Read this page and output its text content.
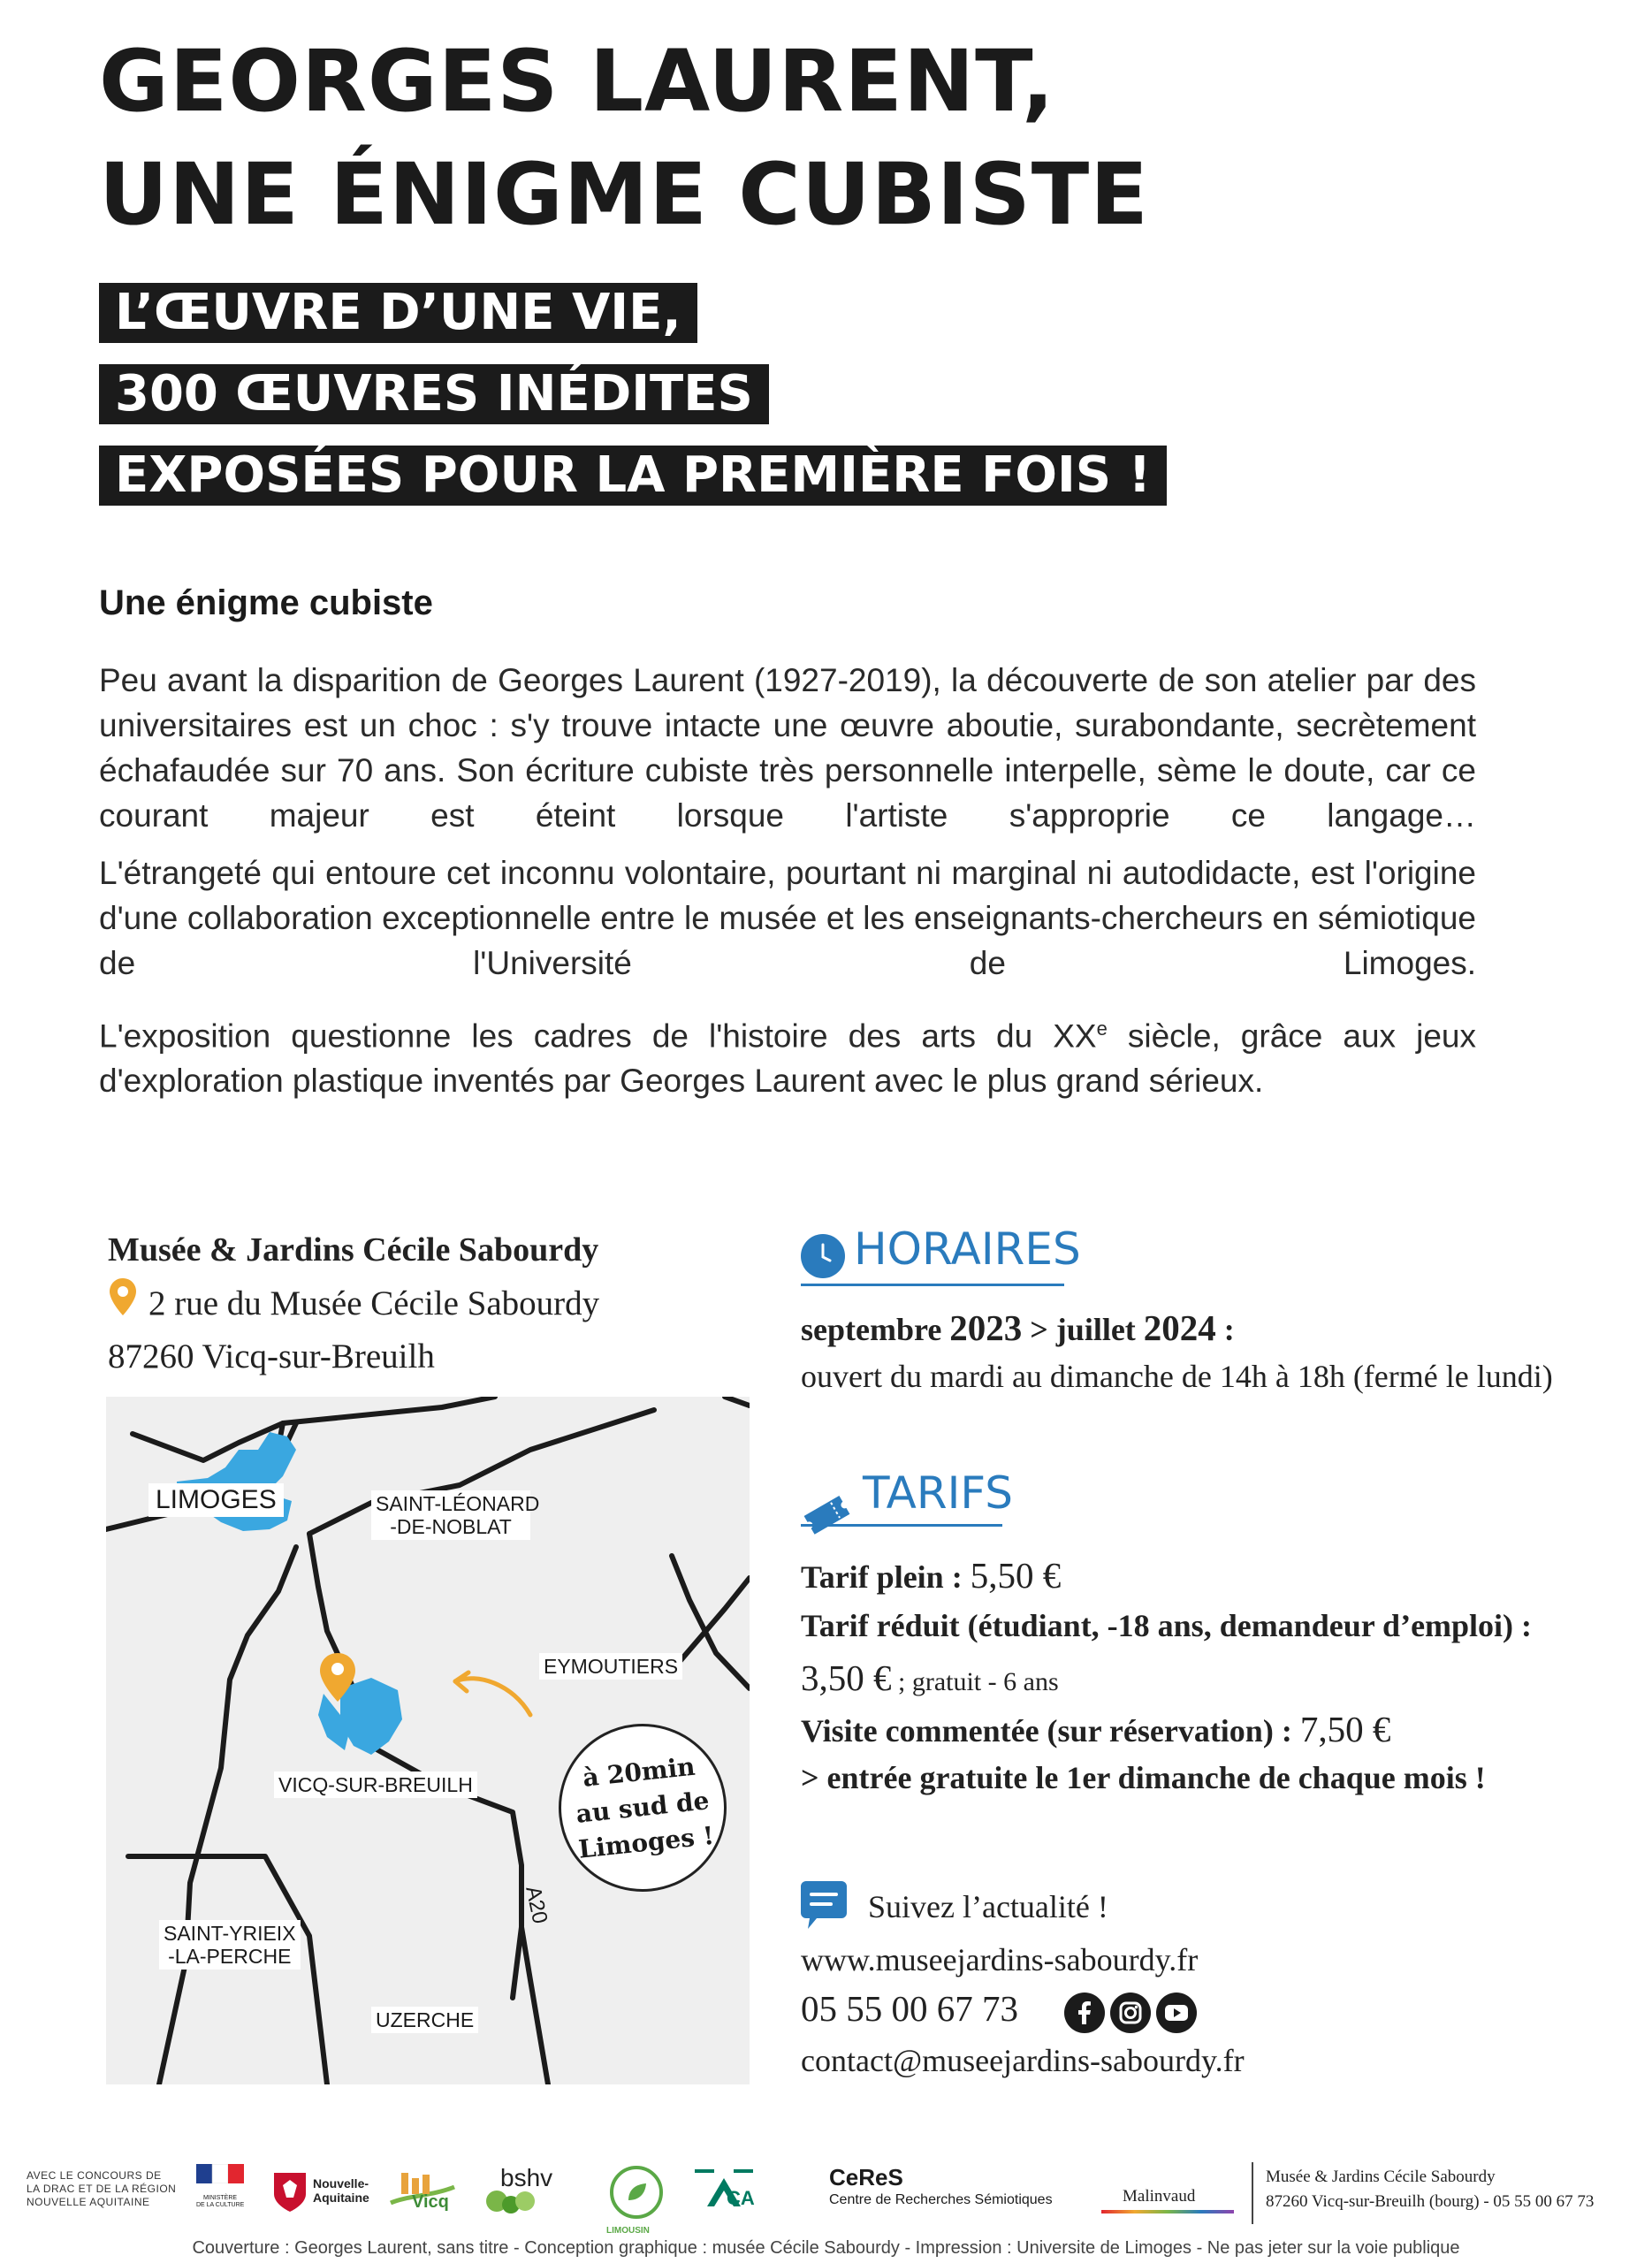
GEORGES LAURENT,
UNE ÉNIGME CUBISTE
L’ŒUVRE D’UNE VIE,
300 ŒUVRES INÉDITES
EXPOSÉES POUR LA PREMIÈRE FOIS !
Une énigme cubiste

Peu avant la disparition de Georges Laurent (1927-2019), la découverte de son atelier par des universitaires est un choc : s'y trouve intacte une œuvre aboutie, surabondante, secrètement échafaudée sur 70 ans. Son écriture cubiste très personnelle interpelle, sème le doute, car ce courant majeur est éteint lorsque l'artiste s'approprie ce langage…

L'étrangeté qui entoure cet inconnu volontaire, pourtant ni marginal ni autodidacte, est l'origine d'une collaboration exceptionnelle entre le musée et les enseignants-chercheurs en sémiotique de l'Université de Limoges.

L'exposition questionne les cadres de l'histoire des arts du XXe siècle, grâce aux jeux d'exploration plastique inventés par Georges Laurent avec le plus grand sérieux.

Musée & Jardins Cécile Sabourdy
2 rue du Musée Cécile Sabourdy
87260 Vicq-sur-Breuilh
LIMOGES	SAINT-LÉONARD
-DE-NOBLAT
EYMOUTIERS
VICQ-SUR-BREUILH
SAINT-YRIEIX
-LA-PERCHE
UZERCHE
A20
à 20min
au sud de
Limoges !
HORAIRES
septembre 2023 > juillet 2024 :
ouvert du mardi au dimanche de 14h à 18h (fermé le lundi)
TARIFS
Tarif plein : 5,50 €
Tarif réduit (étudiant, -18 ans, demandeur d’emploi) :
3,50 € ; gratuit - 6 ans
Visite commentée (sur réservation) : 7,50 €
> entrée gratuite le 1er dimanche de chaque mois !
Suivez l’actualité !
www.museejardins-sabourdy.fr
05 55 00 67 73
contact@museejardins-sabourdy.fr
AVEC LE CONCOURS DE
LA DRAC ET DE LA RÉGION
NOUVELLE AQUITAINE	MINISTÈRE
DE LA CULTURE
Nouvelle-
Aquitaine Vicq
bshv
LIMOUSIN
CA
CeReS
Centre de Recherches Sémiotiques	Malinvaud
Musée & Jardins Cécile Sabourdy
87260 Vicq-sur-Breuilh (bourg) - 05 55 00 67 73
Couverture : Georges Laurent, sans titre - Conception graphique : musée Cécile Sabourdy - Impression : Universite de Limoges - Ne pas jeter sur la voie publique
